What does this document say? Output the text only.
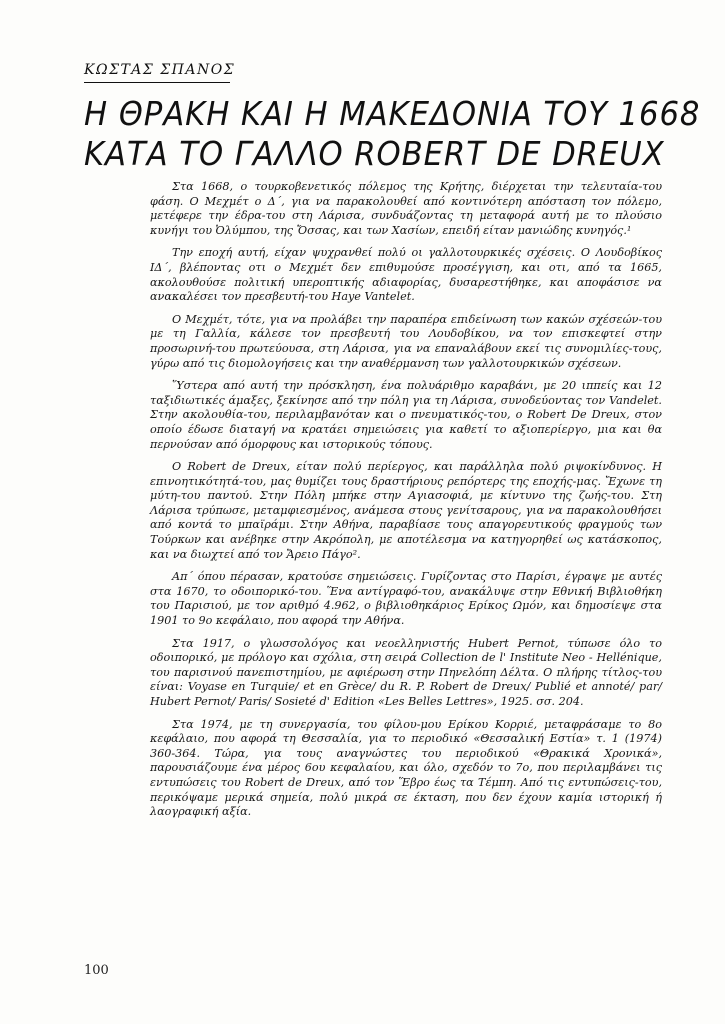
ΚΩΣΤΑΣ ΣΠΑΝΟΣ
Η ΘΡΑΚΗ ΚΑΙ Η ΜΑΚΕΔΟΝΙΑ ΤΟΥ 1668
ΚΑΤΑ ΤΟ ΓΑΛΛΟ ROBERT DE DREUX

Στα 1668, ο τουρκοβενετικός πόλεμος της Κρήτης, διέρχεται την τελευταία-του φάση. Ο Μεχμέτ ο Δ΄, για να παρακολουθεί από κοντινότερη απόσταση τον πόλεμο, μετέφερε την έδρα-του στη Λάρισα, συνδυάζοντας τη μεταφορά αυτή με το πλούσιο κυνήγι του Ὀλύμπου, της Ὄσσας, και των Χασίων, επειδή είταν μανιώδης κυνηγός.¹

Την εποχή αυτή, είχαν ψυχρανθεί πολύ οι γαλλοτουρκικές σχέσεις. Ο Λουδοβίκος ΙΔ΄, βλέποντας οτι ο Μεχμέτ δεν επιθυμούσε προσέγγιση, και οτι, από τα 1665, ακολουθούσε πολιτική υπεροπτικής αδιαφορίας, δυσαρεστήθηκε, και αποφάσισε να ανακαλέσει τον πρεσβευτή-του Haye Vantelet.

Ο Μεχμέτ, τότε, για να προλάβει την παραπέρα επιδείνωση των κακών σχέσεών-του με τη Γαλλία, κάλεσε τον πρεσβευτή του Λουδοβίκου, να τον επισκεφτεί στην προσωρινή-του πρωτεύουσα, στη Λάρισα, για να επαναλάβουν εκεί τις συνομιλίες-τους, γύρω από τις διομολογήσεις και την αναθέρμανση των γαλλοτουρκικών σχέσεων.

Ὕστερα από αυτή την πρόσκληση, ένα πολυάριθμο καραβάνι, με 20 ιππείς και 12 ταξιδιωτικές άμαξες, ξεκίνησε από την πόλη για τη Λάρισα, συνοδεύοντας τον Vandelet. Στην ακολουθία-του, περιλαμβανόταν και ο πνευματικός-του, ο Robert De Dreux, στον οποίο έδωσε διαταγή να κρατάει σημειώσεις για καθετί το αξιοπερίεργο, μια και θα περνούσαν από όμορφους και ιστορικούς τόπους.

Ο Robert de Dreux, είταν πολύ περίεργος, και παράλληλα πολύ ριψοκίνδυνος. Η επινοητικότητά-του, μας θυμίζει τους δραστήριους ρεπόρτερς της εποχής-μας. Ἔχωνε τη μύτη-του παντού. Στην Πόλη μπήκε στην Αγιασοφιά, με κίντυνο της ζωής-του. Στη Λάρισα τρύπωσε, μεταμφιεσμένος, ανάμεσα στους γενίτσαρους, για να παρακολουθήσει από κοντά το μπαϊράμι. Στην Αθήνα, παραβίασε τους απαγορευτικούς φραγμούς των Τούρκων και ανέβηκε στην Ακρόπολη, με αποτέλεσμα να κατηγορηθεί ως κατάσκοπος, και να διωχτεί από τον Ἄρειο Πάγο².

Απ΄ όπου πέρασαν, κρατούσε σημειώσεις. Γυρίζοντας στο Παρίσι, έγραψε με αυτές στα 1670, το οδοιπορικό-του. Ἕνα αντίγραφό-του, ανακάλυψε στην Εθνική Βιβλιοθήκη του Παρισιού, με τον αριθμό 4.962, ο βιβλιοθηκάριος Ερίκος Ωμόν, και δημοσίεψε στα 1901 το 9ο κεφάλαιο, που αφορά την Αθήνα.

Στα 1917, ο γλωσσολόγος και νεοελληνιστής Hubert Pernot, τύπωσε όλο το οδοιπορικό, με πρόλογο και σχόλια, στη σειρά Collection de l' Institute Neo - Hellénique, του παρισινού πανεπιστημίου, με αφιέρωση στην Πηνελόπη Δέλτα. Ο πλήρης τίτλος-του είναι: Voyase en Turquie/ et en Grèce/ du R. P. Robert de Dreux/ Publié et annoté/ par/ Hubert Pernot/ Paris/ Sosieté d' Edition «Les Belles Lettres», 1925. σσ. 204.

Στα 1974, με τη συνεργασία, του φίλου-μου Ερίκου Κορριέ, μεταφράσαμε το 8ο κεφάλαιο, που αφορά τη Θεσσαλία, για το περιοδικό «Θεσσαλική Εστία» τ. 1 (1974) 360-364. Τώρα, για τους αναγνώστες του περιοδικού «Θρακικά Χρονικά», παρουσιάζουμε ένα μέρος 6ου κεφαλαίου, και όλο, σχεδόν το 7ο, που περιλαμβάνει τις εντυπώσεις του Robert de Dreux, από τον Ἕβρο έως τα Τέμπη. Από τις εντυπώσεις-του, περικόψαμε μερικά σημεία, πολύ μικρά σε έκταση, που δεν έχουν καμία ιστορική ή λαογραφική αξία.

100
